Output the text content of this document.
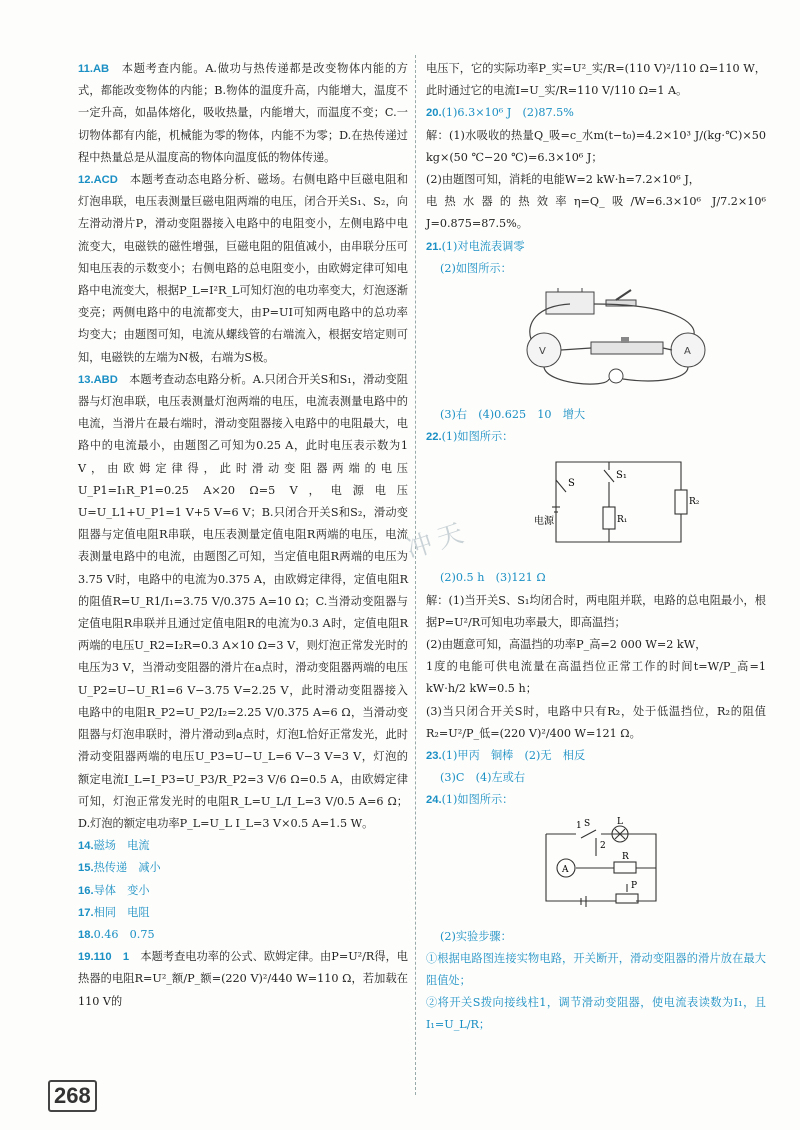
11.AB　 本题考查内能。A.做功与热传递都是改变物体内能的方式，都能改变物体的内能；B.物体的温度升高，内能增大，温度不一定升高，如晶体熔化，吸收热量，内能增大，而温度不变；C.一切物体都有内能，机械能为零的物体，内能不为零；D.在热传递过程中热量总是从温度高的物体向温度低的物体传递。

12.ACD　 本题考查动态电路分析、磁场。右侧电路中巨磁电阻和灯泡串联，电压表测量巨磁电阻两端的电压，闭合开关S₁、S₂，向左滑动滑片P，滑动变阻器接入电路中的电阻变小，左侧电路中电流变大，电磁铁的磁性增强，巨磁电阻的阻值减小，由串联分压可知电压表的示数变小；右侧电路的总电阻变小，由欧姆定律可知电路中电流变大，根据P_L=I²R_L可知灯泡的电功率变大，灯泡逐渐变亮；两侧电路中的电流都变大，由P=UI可知两电路中的总功率均变大；由题图可知，电流从螺线管的右端流入，根据安培定则可知，电磁铁的左端为N极，右端为S极。

13.ABD　 本题考查动态电路分析。A.只闭合开关S和S₁，滑动变阻器与灯泡串联，电压表测量灯泡两端的电压，电流表测量电路中的电流，当滑片在最右端时，滑动变阻器接入电路中的电阻最大，电路中的电流最小，由题图乙可知为0.25 A，此时电压表示数为1 V，由欧姆定律得，此时滑动变阻器两端的电压U_P1=I₁R_P1=0.25 A×20 Ω=5 V，电源电压U=U_L1+U_P1=1 V+5 V=6 V；B.只闭合开关S和S₂，滑动变阻器与定值电阻R串联，电压表测量定值电阻R两端的电压，电流表测量电路中的电流，由题图乙可知，当定值电阻R两端的电压为3.75 V时，电路中的电流为0.375 A，由欧姆定律得，定值电阻R的阻值R=U_R1/I₁=3.75 V/0.375 A=10 Ω；C.当滑动变阻器与定值电阻R串联并且通过定值电阻R的电流为0.3 A时，定值电阻R两端的电压U_R2=I₂R=0.3 A×10 Ω=3 V，则灯泡正常发光时的电压为3 V，当滑动变阻器的滑片在a点时，滑动变阻器两端的电压U_P2=U−U_R1=6 V−3.75 V=2.25 V，此时滑动变阻器接入电路中的电阻R_P2=U_P2/I₂=2.25 V/0.375 A=6 Ω，当滑动变阻器与灯泡串联时，滑片滑动到a点时，灯泡L恰好正常发光，此时滑动变阻器两端的电压U_P3=U−U_L=6 V−3 V=3 V，灯泡的额定电流I_L=I_P3=U_P3/R_P2=3 V/6 Ω=0.5 A，由欧姆定律可知，灯泡正常发光时的电阻R_L=U_L/I_L=3 V/0.5 A=6 Ω；D.灯泡的额定电功率P_L=U_L I_L=3 V×0.5 A=1.5 W。

14.磁场　电流

15.热传递　减小

16.导体　变小

17.相同　电阻

18.0.46　0.75

19.110　1　 本题考查电功率的公式、欧姆定律。由P=U²/R得，电热器的电阻R=U²_额/P_额=(220 V)²/440 W=110 Ω，若加载在110 V的

电压下，它的实际功率P_实=U²_实/R=(110 V)²/110 Ω=110 W，此时通过它的电流I=U_实/R=110 V/110 Ω=1 A。

20.(1)6.3×10⁶ J　(2)87.5%

解：(1)水吸收的热量Q_吸=c_水m(t−t₀)=4.2×10³ J/(kg·℃)×50 kg×(50 ℃−20 ℃)=6.3×10⁶ J；

(2)由题图可知，消耗的电能W=2 kW·h=7.2×10⁶ J，

电热水器的热效率η=Q_吸/W=6.3×10⁶ J/7.2×10⁶ J=0.875=87.5%。

21.(1)对电流表调零

(2)如图所示：

V	A

(3)右　(4)0.625　10　增大

22.(1)如图所示：

S
S₁
电源	R₁
R₂

(2)0.5 h　(3)121 Ω

解：(1)当开关S、S₁均闭合时，两电阻并联，电路的总电阻最小，根据P=U²/R可知电功率最大，即高温挡；

(2)由题意可知，高温挡的功率P_高=2 000 W=2 kW，

1度的电能可供电流量在高温挡位正常工作的时间t=W/P_高=1 kW·h/2 kW=0.5 h；

(3)当只闭合开关S时，电路中只有R₂，处于低温挡位，R₂的阻值R₂=U²/P_低=(220 V)²/400 W=121 Ω。

23.(1)甲丙　铜棒　(2)无　相反

(3)C　(4)左或右

24.(1)如图所示：

1 S
2
L
A
R
P

(2)实验步骤：

①根据电路图连接实物电路，开关断开，滑动变阻器的滑片放在最大阻值处；

②将开关S拨向接线柱1，调节滑动变阻器，使电流表读数为I₁，且I₁=U_L/R；

冲天
268
